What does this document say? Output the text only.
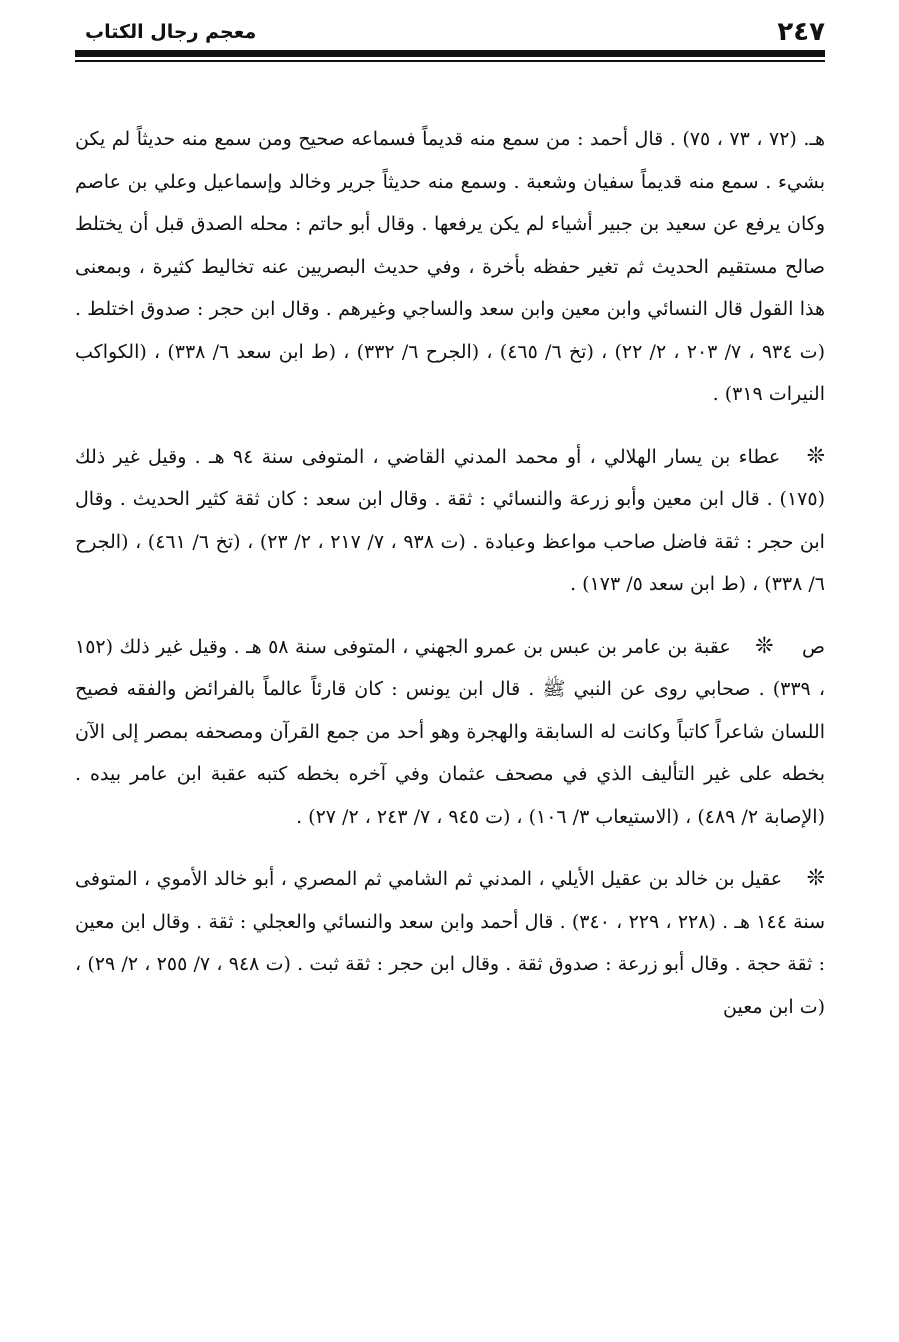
٢٤٧
معجم رجال الكتاب

هـ. (٧٢ ، ٧٣ ، ٧٥) . قال أحمد : من سمع منه قديماً فسماعه صحيح ومن سمع منه حديثاً لم يكن بشيء . سمع منه قديماً سفيان وشعبة . وسمع منه حديثاً جرير وخالد وإسماعيل وعلي بن عاصم وكان يرفع عن سعيد بن جبير أشياء لم يكن يرفعها . وقال أبو حاتم : محله الصدق قبل أن يختلط صالح مستقيم الحديث ثم تغير حفظه بأخرة ، وفي حديث البصريين عنه تخاليط كثيرة ، وبمعنى هذا القول قال النسائي وابن معين وابن سعد والساجي وغيرهم . وقال ابن حجر : صدوق اختلط . (ت ٩٣٤ ، ٧/ ٢٠٣ ، ٢/ ٢٢) ، (تخ ٦/ ٤٦٥) ، (الجرح ٦/ ٣٣٢) ، (ط ابن سعد ٦/ ٣٣٨) ، (الكواكب النيرات ٣١٩) .

❊ عطاء بن يسار الهلالي ، أو محمد المدني القاضي ، المتوفى سنة ٩٤ هـ . وقيل غير ذلك (١٧٥) . قال ابن معين وأبو زرعة والنسائي : ثقة . وقال ابن سعد : كان ثقة كثير الحديث . وقال ابن حجر : ثقة فاضل صاحب مواعظ وعبادة . (ت ٩٣٨ ، ٧/ ٢١٧ ، ٢/ ٢٣) ، (تخ ٦/ ٤٦١) ، (الجرح ٦/ ٣٣٨) ، (ط ابن سعد ٥/ ١٧٣) .

ص ❊ عقبة بن عامر بن عبس بن عمرو الجهني ، المتوفى سنة ٥٨ هـ . وقيل غير ذلك (١٥٢ ، ٣٣٩) . صحابي روى عن النبي ﷺ . قال ابن يونس : كان قارئاً عالماً بالفرائض والفقه فصيح اللسان شاعراً كاتباً وكانت له السابقة والهجرة وهو أحد من جمع القرآن ومصحفه بمصر إلى الآن بخطه على غير التأليف الذي في مصحف عثمان وفي آخره بخطه كتبه عقبة ابن عامر بيده . (الإصابة ٢/ ٤٨٩) ، (الاستيعاب ٣/ ١٠٦) ، (ت ٩٤٥ ، ٧/ ٢٤٣ ، ٢/ ٢٧) .

❊ عقيل بن خالد بن عقيل الأيلي ، المدني ثم الشامي ثم المصري ، أبو خالد الأموي ، المتوفى سنة ١٤٤ هـ . (٢٢٨ ، ٢٢٩ ، ٣٤٠) . قال أحمد وابن سعد والنسائي والعجلي : ثقة . وقال ابن معين : ثقة حجة . وقال أبو زرعة : صدوق ثقة . وقال ابن حجر : ثقة ثبت . (ت ٩٤٨ ، ٧/ ٢٥٥ ، ٢/ ٢٩) ، (ت ابن معين
